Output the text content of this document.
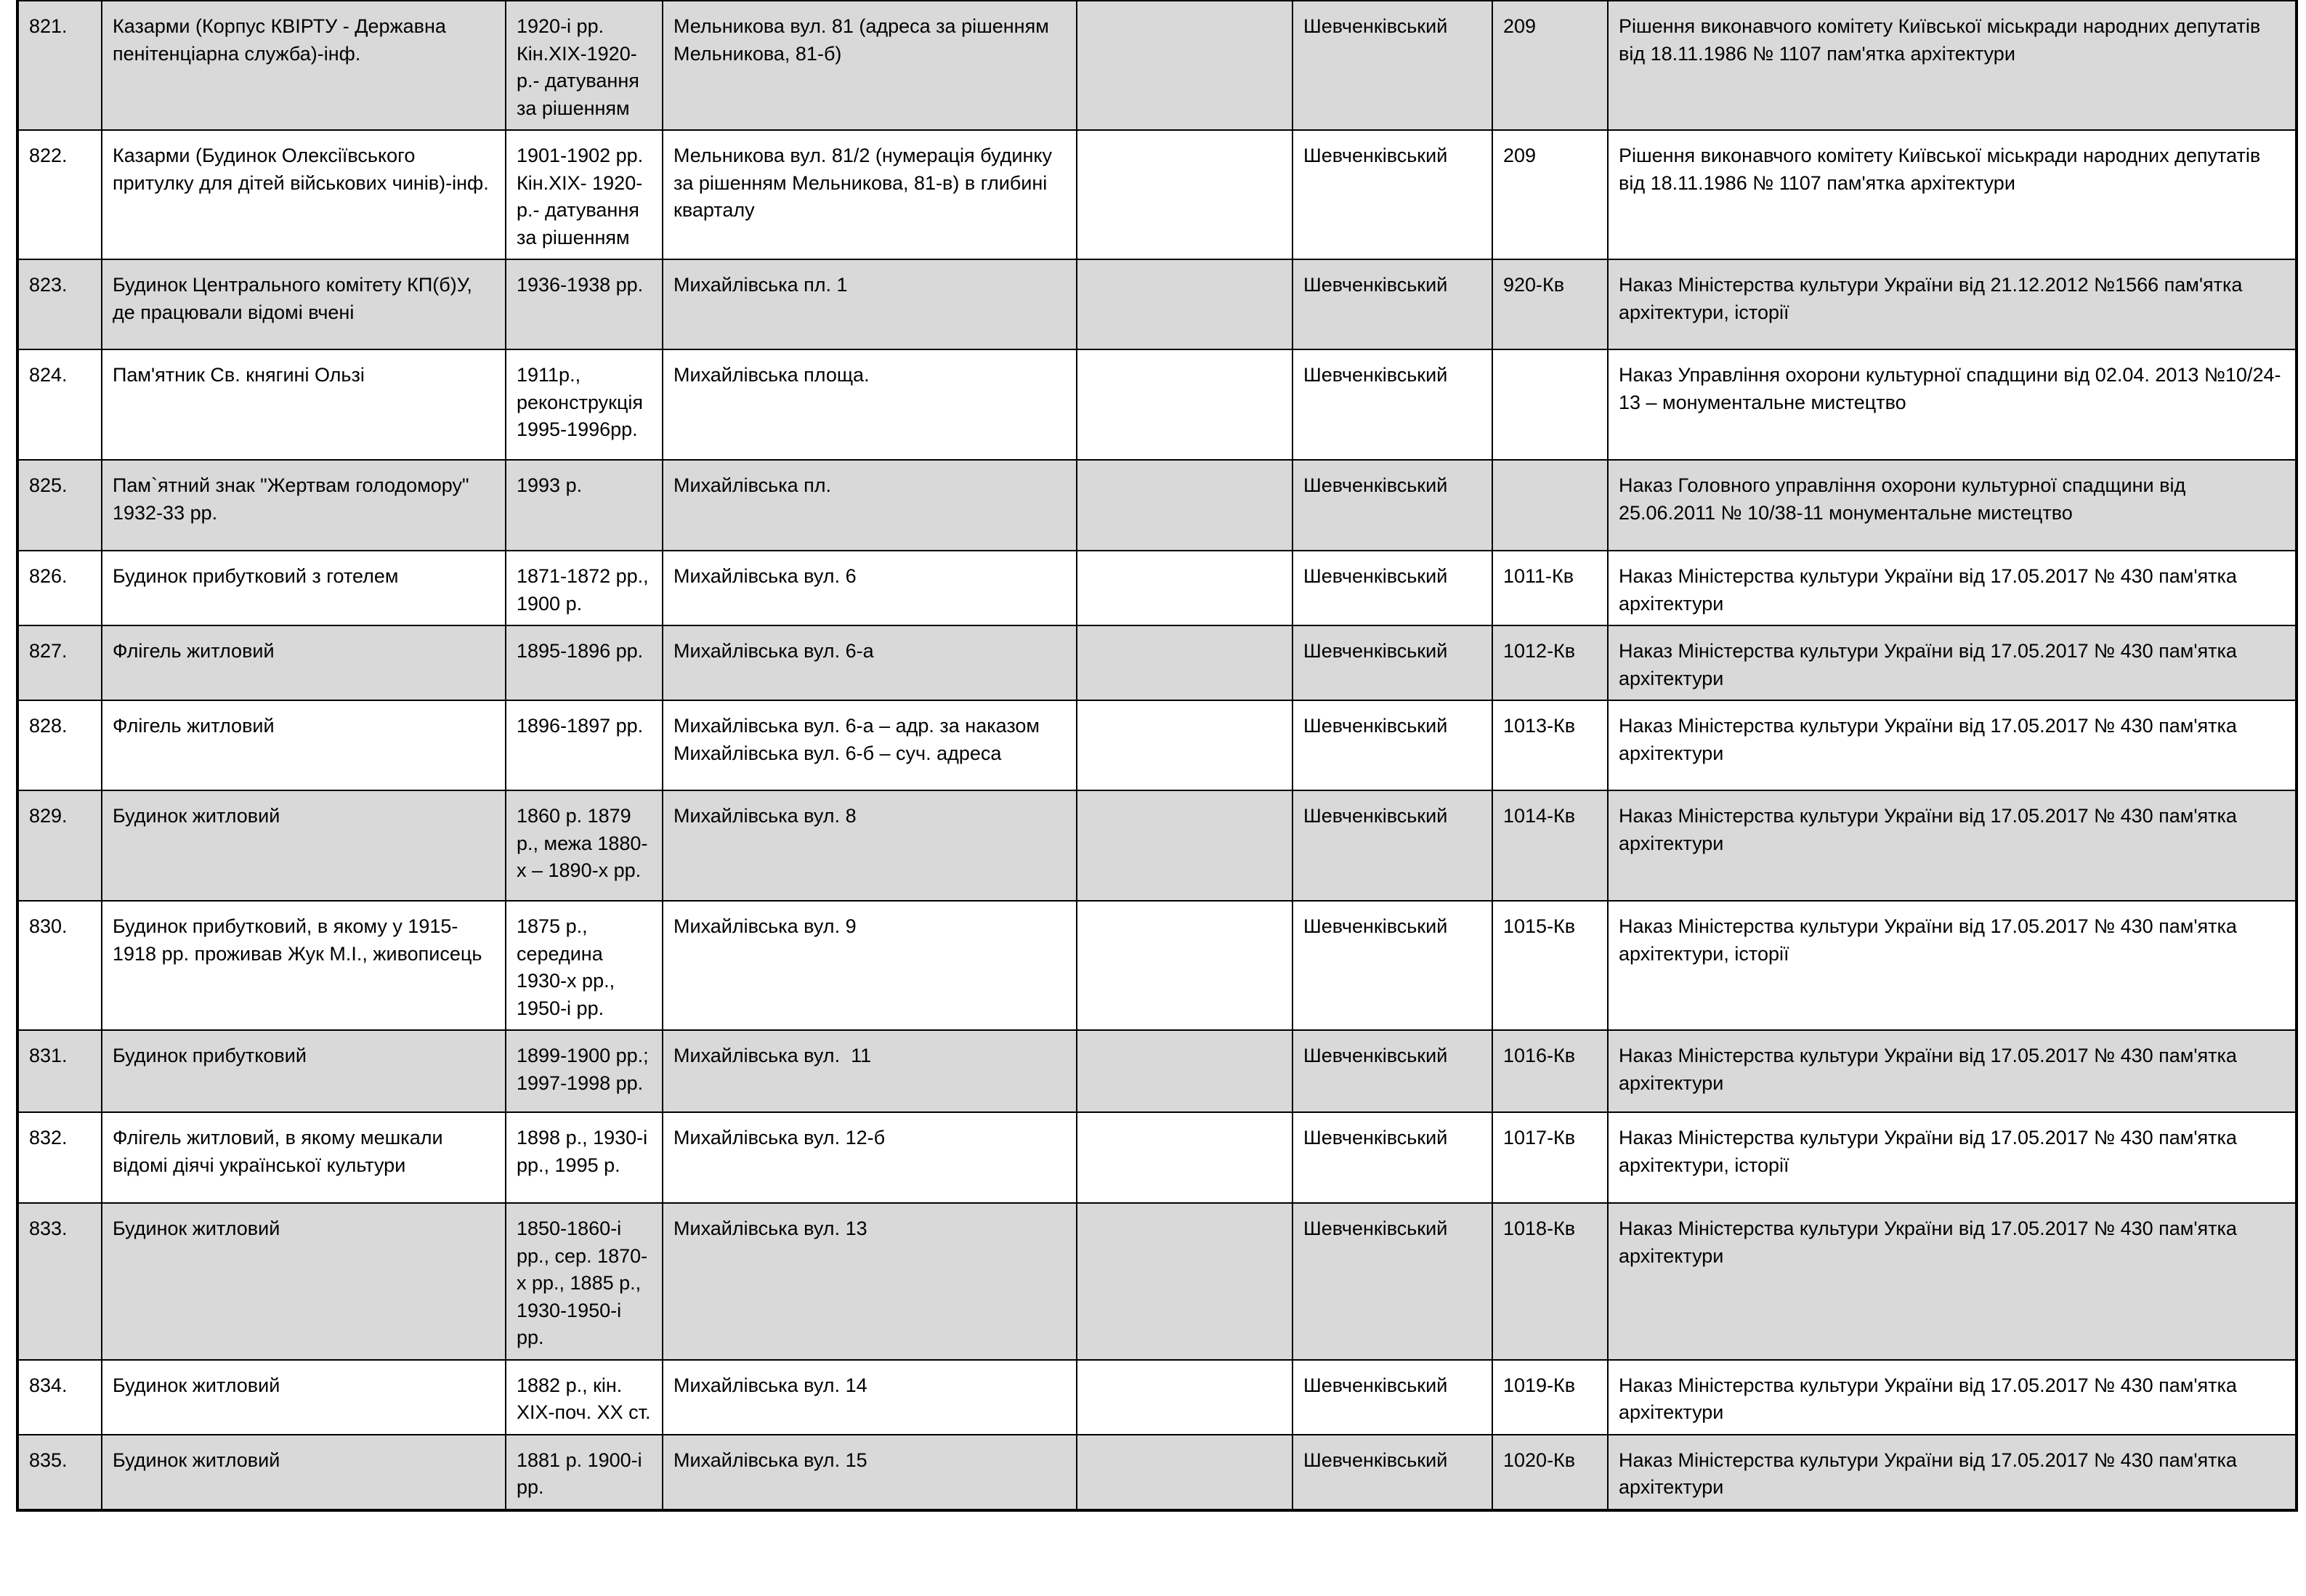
821.	Казарми (Корпус КВІРТУ - Державна пенітенціарна служба)-інф.	1920-і рр.
Кін.ХІХ-1920-р.- датування за рішенням	Мельникова вул. 81 (адреса за рішенням Мельникова, 81-б)		Шевченківський	209	Рішення виконавчого комітету Київської міськради народних депутатів від 18.11.1986 № 1107 пам'ятка архітектури

822.	Казарми (Будинок Олексіївського притулку для дітей військових чинів)-інф.	1901-1902 рр.
Кін.ХІХ- 1920-р.- датування за рішенням	Мельникова вул. 81/2 (нумерація будинку за рішенням Мельникова, 81-в) в глибині кварталу		Шевченківський	209	Рішення виконавчого комітету Київської міськради народних депутатів від 18.11.1986 № 1107 пам'ятка архітектури

823.	Будинок Центрального комітету КП(б)У, де працювали відомі вчені	1936-1938 рр.	Михайлівська пл. 1		Шевченківський	920-Кв	Наказ Міністерства культури України від 21.12.2012 №1566 пам'ятка архітектури, історії

824.	Пам'ятник Св. княгині Ользі	1911р.,
реконструкція 1995-1996рр.	Михайлівська площа.		Шевченківський		Наказ Управління охорони культурної спадщини від 02.04. 2013 №10/24-13 – монументальне мистецтво

825.	Пам`ятний знак "Жертвам голодомору" 1932-33 рр.	1993 р.	Михайлівська пл.		Шевченківський		Наказ Головного управління охорони культурної спадщини від 25.06.2011 № 10/38-11 монументальне мистецтво

826.	Будинок прибутковий з готелем	1871-1872 рр., 1900 р.	Михайлівська вул. 6		Шевченківський	1011-Кв	Наказ Міністерства культури України від 17.05.2017 № 430 пам'ятка архітектури

827.	Флігель житловий	1895-1896 рр.	Михайлівська вул. 6-а		Шевченківський	1012-Кв	Наказ Міністерства культури України від 17.05.2017 № 430 пам'ятка архітектури

828.	Флігель житловий	1896-1897 рр.	Михайлівська вул. 6-а – адр. за наказом Михайлівська вул. 6-б – суч. адреса		Шевченківський	1013-Кв	Наказ Міністерства культури України від 17.05.2017 № 430 пам'ятка архітектури

829.	Будинок житловий	1860 р. 1879 р., межа 1880-х – 1890-х рр.	Михайлівська вул. 8		Шевченківський	1014-Кв	Наказ Міністерства культури України від 17.05.2017 № 430 пам'ятка архітектури

830.	Будинок прибутковий, в якому у 1915-1918 рр. проживав Жук М.І., живописець	1875 р., середина 1930-х рр., 1950-і рр.	Михайлівська вул. 9		Шевченківський	1015-Кв	Наказ Міністерства культури України від 17.05.2017 № 430 пам'ятка архітектури, історії

831.	Будинок прибутковий	1899-1900 рр.; 1997-1998 рр.	Михайлівська вул.  11		Шевченківський	1016-Кв	Наказ Міністерства культури України від 17.05.2017 № 430 пам'ятка архітектури

832.	Флігель житловий, в якому мешкали відомі діячі української культури	1898 р., 1930-і рр., 1995 р.	Михайлівська вул. 12-б		Шевченківський	1017-Кв	Наказ Міністерства культури України від 17.05.2017 № 430 пам'ятка архітектури, історії

833.	Будинок житловий	1850-1860-і рр., сер. 1870-х рр., 1885 р., 1930-1950-і рр.	Михайлівська вул. 13		Шевченківський	1018-Кв	Наказ Міністерства культури України від 17.05.2017 № 430 пам'ятка архітектури

834.	Будинок житловий	1882 р., кін. ХІХ-поч. ХХ ст.	Михайлівська вул. 14		Шевченківський	1019-Кв	Наказ Міністерства культури України від 17.05.2017 № 430 пам'ятка архітектури

835.	Будинок житловий	1881 р. 1900-і рр.	Михайлівська вул. 15		Шевченківський	1020-Кв	Наказ Міністерства культури України від 17.05.2017 № 430 пам'ятка архітектури
